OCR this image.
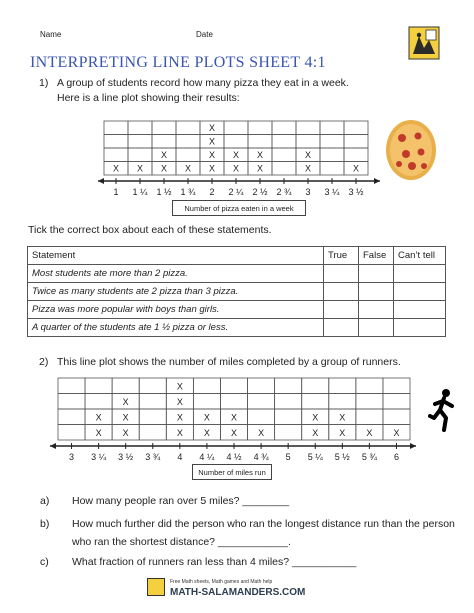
Name	Date
INTERPRETING LINE PLOTS SHEET 4:1
1) A group of students record how many pizza they eat in a week.
Here is a line plot showing their results:
1
X
1 ¼
X
1 ½
X
X
1 ¾
X
2
X
X
X
X
2 ¼
X
X
2 ½
X
X
2 ¾ 3
X
X
3 ¼ 3 ½
X
Number of pizza eaten in a week
Tick the correct box about each of these statements.
Statement	True	False	Can’t tell
Most students ate more than 2 pizza.			
Twice as many students ate 2 pizza than 3 pizza.			
Pizza was more popular with boys than girls.			
A quarter of the students ate 1 ½ pizza or less.			
2) This line plot shows the number of miles completed by a group of runners.
3 3 ¼
X
X
3 ½
X
X
X
3 ¾ 4
X
X
X
X
4 ¼
X
X
4 ½
X
X
4 ¾
X
5 5 ¼
X
X
5 ½
X
X
5 ¾
X
6
X
Number of miles run
a) How many people ran over 5 miles? ________
b) How much further did the person who ran the longest distance run than the person
who ran the shortest distance? ____________.
c) What fraction of runners ran less than 4 miles? ___________
Free Math sheets, Math games and Math help
MATH-SALAMANDERS.COM
